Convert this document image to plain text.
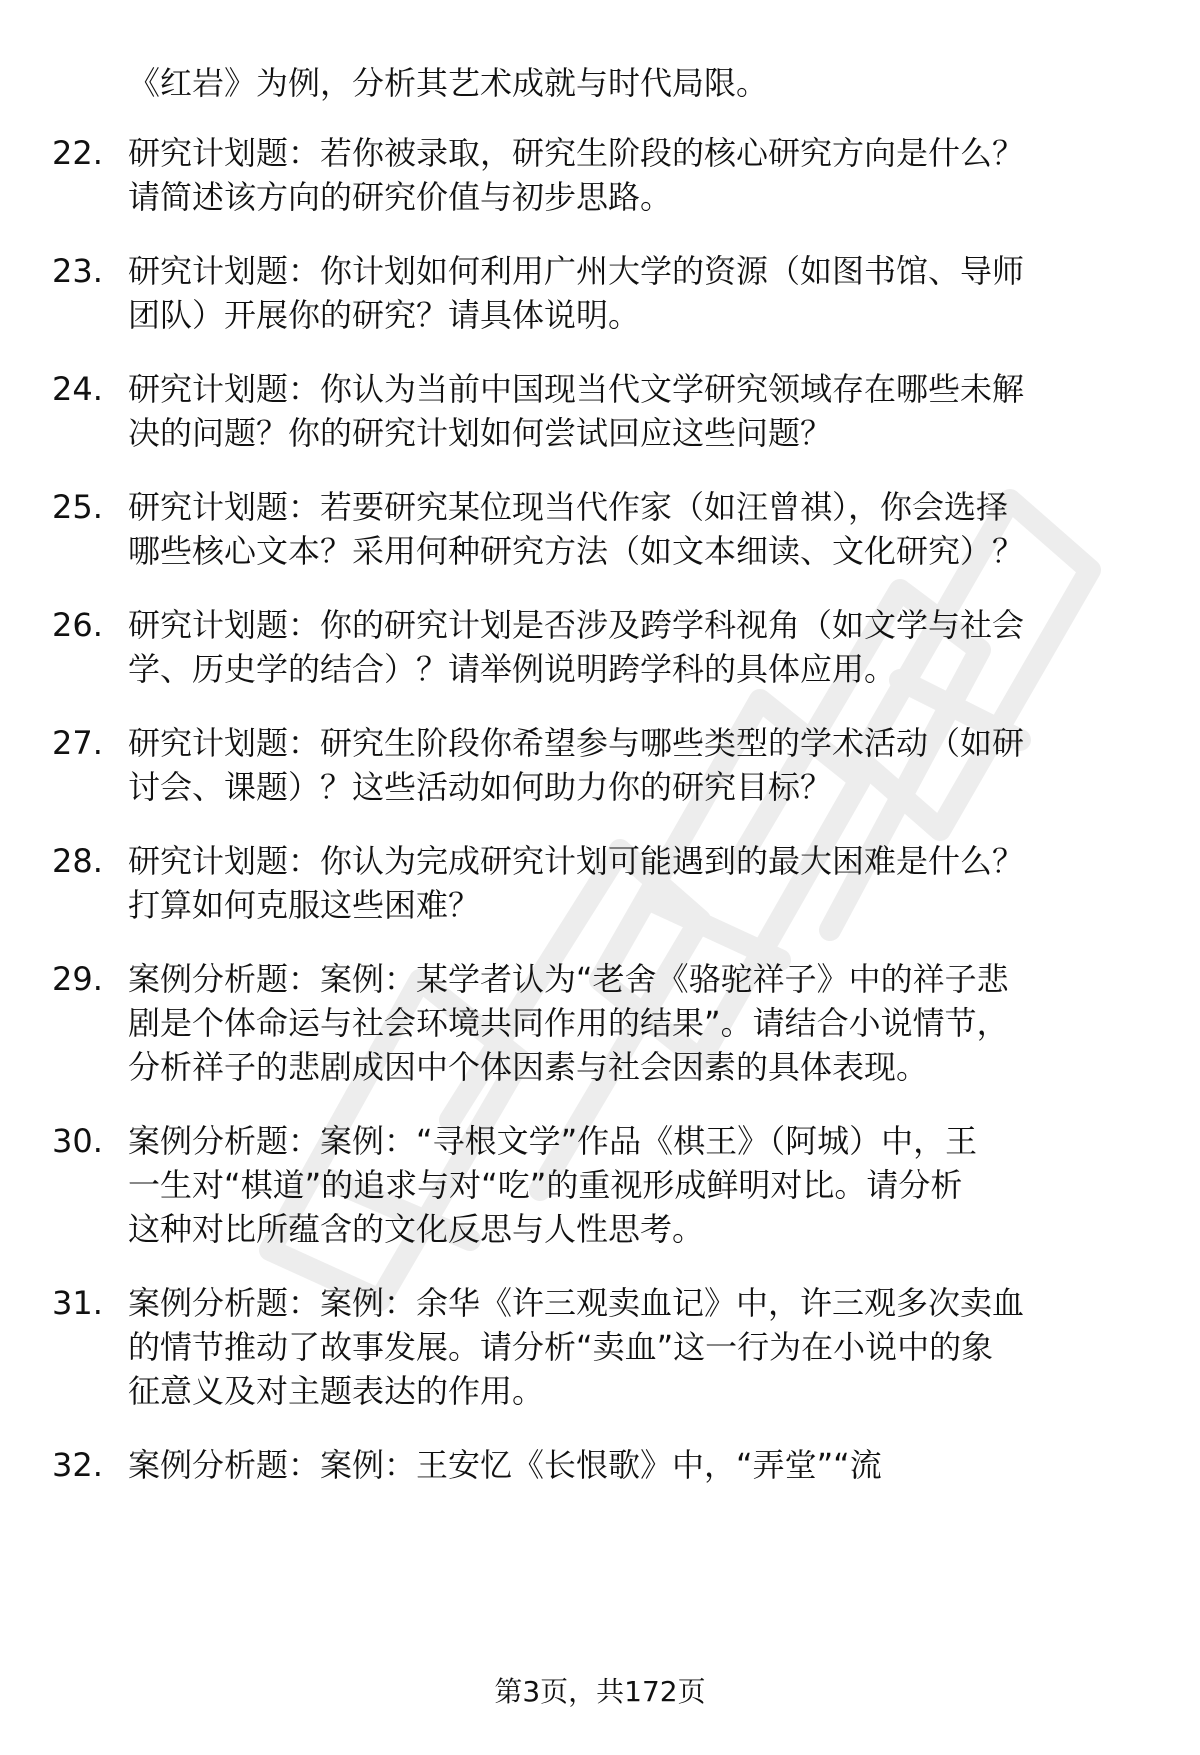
《红岩》为例，分析其艺术成就与时代局限。
22. 研究计划题：若你被录取，研究生阶段的核心研究方向是什么？
请简述该方向的研究价值与初步思路。
23. 研究计划题：你计划如何利用广州大学的资源（如图书馆、导师
团队）开展你的研究？请具体说明。
24. 研究计划题：你认为当前中国现当代文学研究领域存在哪些未解
决的问题？你的研究计划如何尝试回应这些问题？
25. 研究计划题：若要研究某位现当代作家（如汪曾祺），你会选择
哪些核心文本？采用何种研究方法（如文本细读、文化研究）？
26. 研究计划题：你的研究计划是否涉及跨学科视角（如文学与社会
学、历史学的结合）？请举例说明跨学科的具体应用。
27. 研究计划题：研究生阶段你希望参与哪些类型的学术活动（如研
讨会、课题）？这些活动如何助力你的研究目标？
28. 研究计划题：你认为完成研究计划可能遇到的最大困难是什么？
打算如何克服这些困难？
29. 案例分析题：案例：某学者认为“老舍《骆驼祥子》中的祥子悲
剧是个体命运与社会环境共同作用的结果”。请结合小说情节，
分析祥子的悲剧成因中个体因素与社会因素的具体表现。
30. 案例分析题：案例：“寻根文学”作品《棋王》（阿城）中，王
一生对“棋道”的追求与对“吃”的重视形成鲜明对比。请分析
这种对比所蕴含的文化反思与人性思考。
31. 案例分析题：案例：余华《许三观卖血记》中，许三观多次卖血
的情节推动了故事发展。请分析“卖血”这一行为在小说中的象
征意义及对主题表达的作用。
32. 案例分析题：案例：王安忆《长恨歌》中，“弄堂”“流
第3页，共172页
